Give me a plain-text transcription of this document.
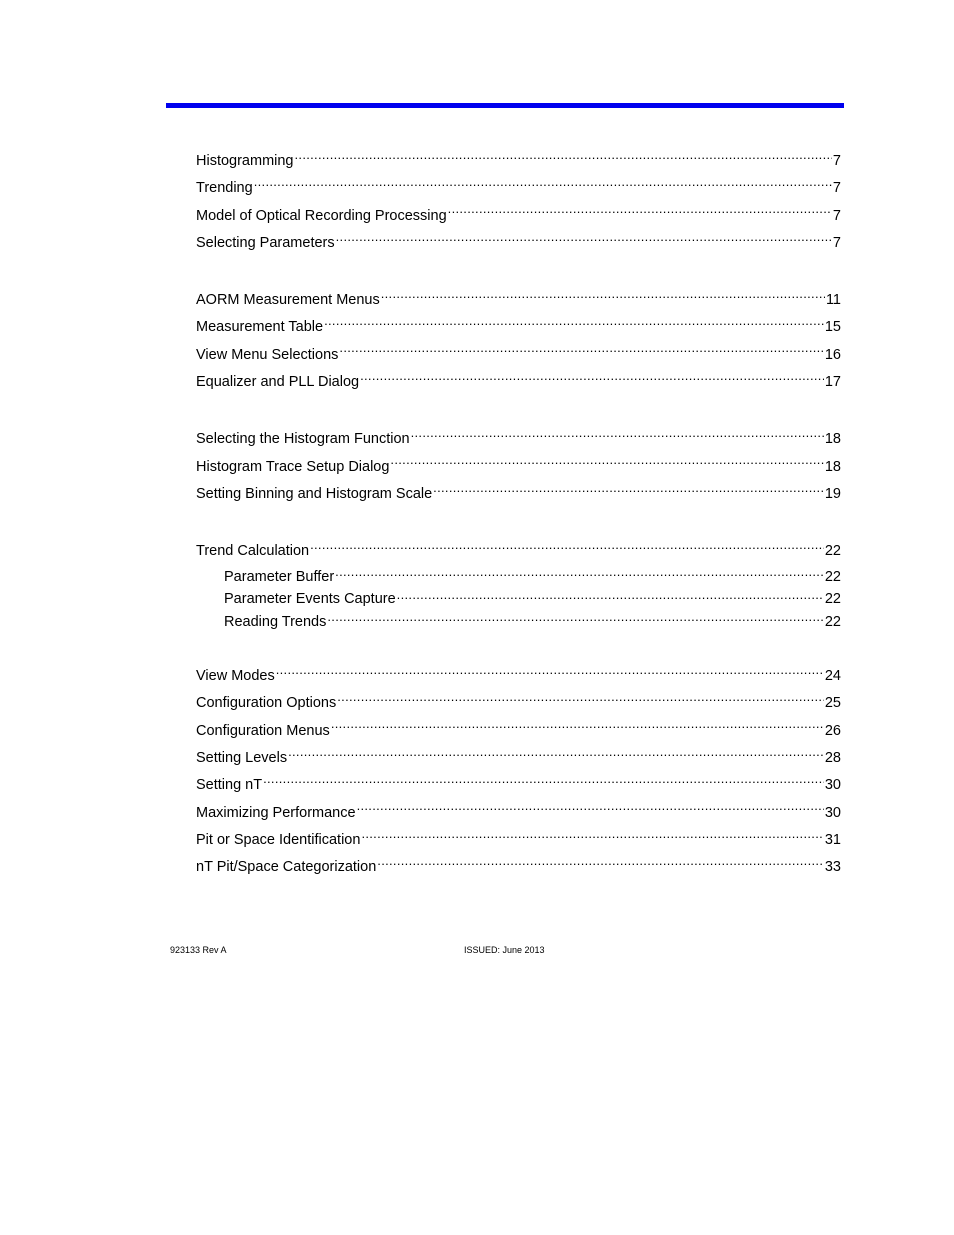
Histogramming .....	7
Trending .....	7
Model of Optical Recording Processing .....	7
Selecting Parameters .....	7
AORM Measurement Menus .....	11
Measurement Table .....	15
View Menu Selections .....	16
Equalizer and PLL Dialog .....	17
Selecting the Histogram Function .....	18
Histogram Trace Setup Dialog .....	18
Setting Binning and Histogram Scale .....	19
Trend Calculation .....	22
Parameter Buffer .....	22
Parameter Events Capture .....	22
Reading Trends .....	22
View Modes .....	24
Configuration Options .....	25
Configuration Menus .....	26
Setting Levels .....	28
Setting nT .....	30
Maximizing Performance .....	30
Pit or Space Identification .....	31
nT Pit/Space Categorization .....	33
923133 Rev A	ISSUED: June 2013
